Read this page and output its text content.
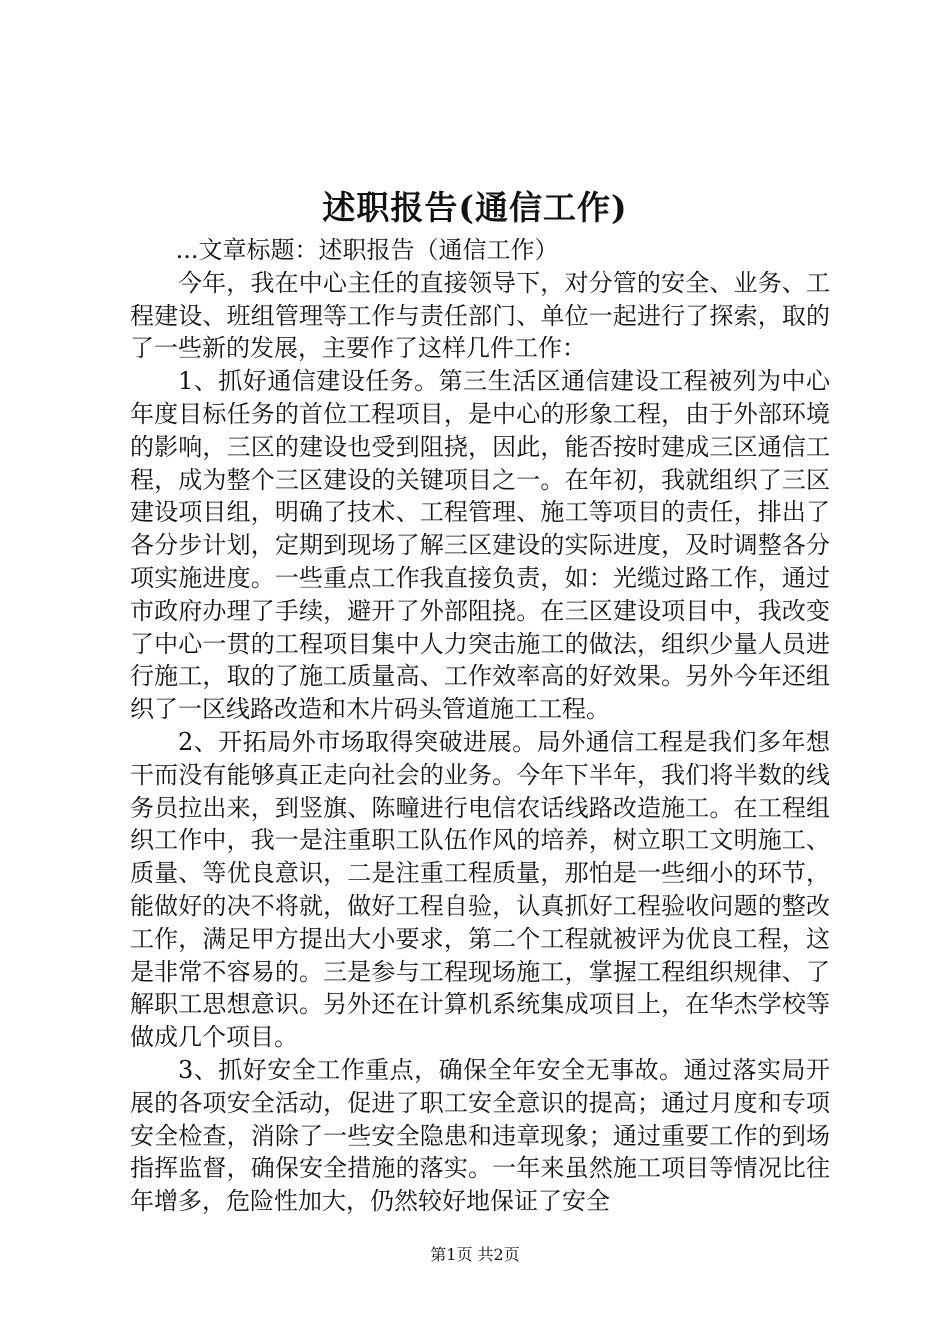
述职报告(通信工作)

...文章标题：述职报告（通信工作）

今年，我在中心主任的直接领导下，对分管的安全、业务、工程建设、班组管理等工作与责任部门、单位一起进行了探索，取的了一些新的发展，主要作了这样几件工作：

1、抓好通信建设任务。第三生活区通信建设工程被列为中心年度目标任务的首位工程项目，是中心的形象工程，由于外部环境的影响，三区的建设也受到阻挠，因此，能否按时建成三区通信工程，成为整个三区建设的关键项目之一。在年初，我就组织了三区建设项目组，明确了技术、工程管理、施工等项目的责任，排出了各分步计划，定期到现场了解三区建设的实际进度，及时调整各分项实施进度。一些重点工作我直接负责，如：光缆过路工作，通过市政府办理了手续，避开了外部阻挠。在三区建设项目中，我改变了中心一贯的工程项目集中人力突击施工的做法，组织少量人员进行施工，取的了施工质量高、工作效率高的好效果。另外今年还组织了一区线路改造和木片码头管道施工工程。

2、开拓局外市场取得突破进展。局外通信工程是我们多年想干而没有能够真正走向社会的业务。今年下半年，我们将半数的线务员拉出来，到竖旗、陈疃进行电信农话线路改造施工。在工程组织工作中，我一是注重职工队伍作风的培养，树立职工文明施工、质量、等优良意识，二是注重工程质量，那怕是一些细小的环节，能做好的决不将就，做好工程自验，认真抓好工程验收问题的整改工作，满足甲方提出大小要求，第二个工程就被评为优良工程，这是非常不容易的。三是参与工程现场施工，掌握工程组织规律、了解职工思想意识。另外还在计算机系统集成项目上，在华杰学校等做成几个项目。

3、抓好安全工作重点，确保全年安全无事故。通过落实局开展的各项安全活动，促进了职工安全意识的提高；通过月度和专项安全检查，消除了一些安全隐患和违章现象；通过重要工作的到场指挥监督，确保安全措施的落实。一年来虽然施工项目等情况比往年增多，危险性加大，仍然较好地保证了安全

第1页 共2页
